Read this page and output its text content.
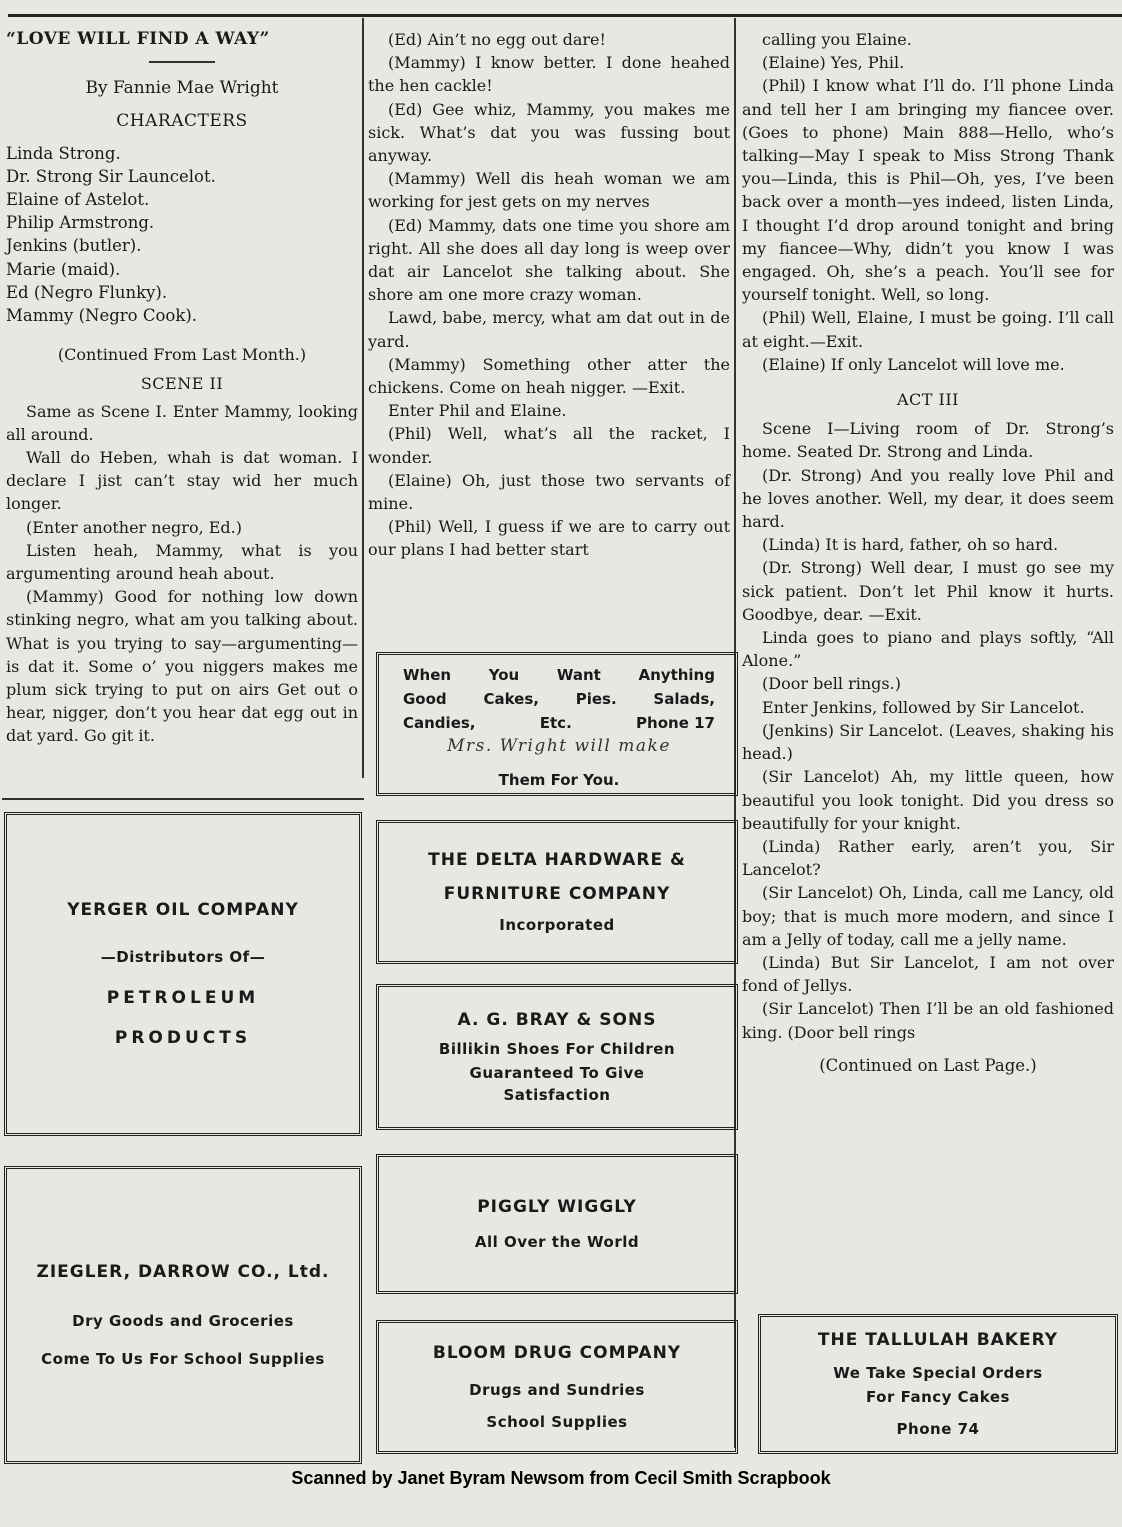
“LOVE WILL FIND A WAY”

By Fannie Mae Wright

CHARACTERS

Linda Strong.

Dr. Strong Sir Launcelot.

Elaine of Astelot.

Philip Armstrong.

Jenkins (butler).

Marie (maid).

Ed (Negro Flunky).

Mammy (Negro Cook).

(Continued From Last Month.)

SCENE II

Same as Scene I. Enter Mammy, looking all around.

Wall do Heben, whah is dat woman. I declare I jist can’t stay wid her much longer.

(Enter another negro, Ed.)

Listen heah, Mammy, what is you argumenting around heah about.

(Mammy) Good for nothing low down stinking negro, what am you talking about. What is you trying to say—argumenting—is dat it. Some o’ you niggers makes me plum sick trying to put on airs Get out o hear, nigger, don’t you hear dat egg out in dat yard. Go git it.

(Ed) Ain’t no egg out dare!

(Mammy) I know better. I done heahed the hen cackle!

(Ed) Gee whiz, Mammy, you makes me sick. What’s dat you was fussing bout anyway.

(Mammy) Well dis heah woman we am working for jest gets on my nerves

(Ed) Mammy, dats one time you shore am right. All she does all day long is weep over dat air Lancelot she talking about. She shore am one more crazy woman.

Lawd, babe, mercy, what am dat out in de yard.

(Mammy) Something other atter the chickens. Come on heah nigger. —Exit.

Enter Phil and Elaine.

(Phil) Well, what’s all the racket, I wonder.

(Elaine) Oh, just those two servants of mine.

(Phil) Well, I guess if we are to carry out our plans I had better start

calling you Elaine.

(Elaine) Yes, Phil.

(Phil) I know what I’ll do. I’ll phone Linda and tell her I am bringing my fiancee over. (Goes to phone) Main 888—Hello, who’s talking—May I speak to Miss Strong Thank you—Linda, this is Phil—Oh, yes, I’ve been back over a month—yes indeed, listen Linda, I thought I’d drop around tonight and bring my fiancee—Why, didn’t you know I was engaged. Oh, she’s a peach. You’ll see for yourself tonight. Well, so long.

(Phil) Well, Elaine, I must be going. I’ll call at eight.—Exit.

(Elaine) If only Lancelot will love me.

ACT III

Scene I—Living room of Dr. Strong’s home. Seated Dr. Strong and Linda.

(Dr. Strong) And you really love Phil and he loves another. Well, my dear, it does seem hard.

(Linda) It is hard, father, oh so hard.

(Dr. Strong) Well dear, I must go see my sick patient. Don’t let Phil know it hurts. Goodbye, dear. —Exit.

Linda goes to piano and plays softly, “All Alone.”

(Door bell rings.)

Enter Jenkins, followed by Sir Lancelot.

(Jenkins) Sir Lancelot. (Leaves, shaking his head.)

(Sir Lancelot) Ah, my little queen, how beautiful you look tonight. Did you dress so beautifully for your knight.

(Linda) Rather early, aren’t you, Sir Lancelot?

(Sir Lancelot) Oh, Linda, call me Lancy, old boy; that is much more modern, and since I am a Jelly of today, call me a jelly name.

(Linda) But Sir Lancelot, I am not over fond of Jellys.

(Sir Lancelot) Then I’ll be an old fashioned king. (Door bell rings

(Continued on Last Page.)

YERGER OIL COMPANY
—Distributors Of—
PETROLEUM
PRODUCTS
ZIEGLER, DARROW CO., Ltd.
Dry Goods and Groceries
Come To Us For School Supplies
When	You	Want	Anything
Good Cakes, Pies. Salads,
Candies,	Etc.	Phone 17
Mrs. Wright will make
Them For You.
THE DELTA HARDWARE &
FURNITURE COMPANY
Incorporated
A. G. BRAY & SONS
Billikin Shoes For Children
Guaranteed To Give
Satisfaction
PIGGLY WIGGLY
All Over the World
BLOOM DRUG COMPANY
Drugs and Sundries
School Supplies
THE TALLULAH BAKERY
We Take Special Orders
For Fancy Cakes
Phone 74
Scanned by Janet Byram Newsom from Cecil Smith Scrapbook
